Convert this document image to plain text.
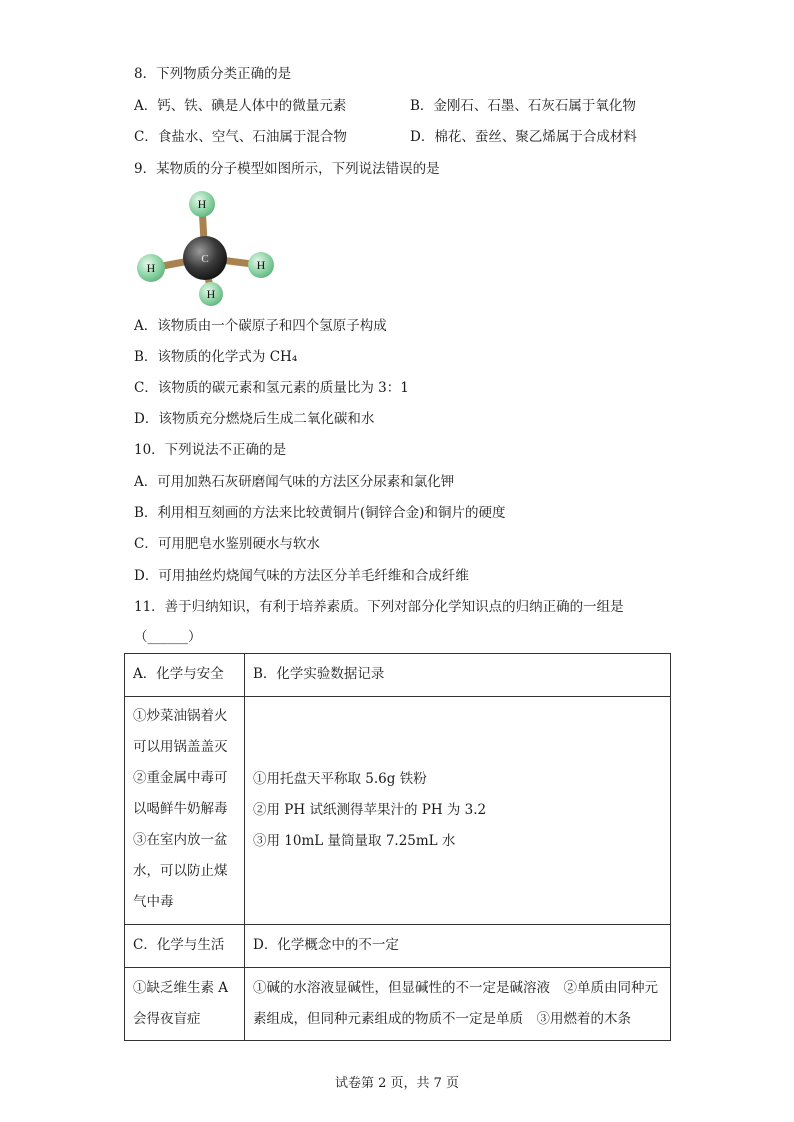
8．下列物质分类正确的是
A．钙、铁、碘是人体中的微量元素	B．金刚石、石墨、石灰石属于氧化物
C．食盐水、空气、石油属于混合物	D．棉花、蚕丝、聚乙烯属于合成材料
9．某物质的分子模型如图所示，下列说法错误的是
H
H	H
C
H
A．该物质由一个碳原子和四个氢原子构成
B．该物质的化学式为 CH₄
C．该物质的碳元素和氢元素的质量比为 3：1
D．该物质充分燃烧后生成二氧化碳和水
10．下列说法不正确的是
A．可用加熟石灰研磨闻气味的方法区分尿素和氯化钾
B．利用相互刻画的方法来比较黄铜片(铜锌合金)和铜片的硬度
C．可用肥皂水鉴别硬水与软水
D．可用抽丝灼烧闻气味的方法区分羊毛纤维和合成纤维
11．善于归纳知识，有利于培养素质。下列对部分化学知识点的归纳正确的一组是
（______）
A．化学与安全	B．化学实验数据记录
①炒菜油锅着火可以用锅盖盖灭②重金属中毒可以喝鲜牛奶解毒③在室内放一盆水，可以防止煤气中毒	①用托盘天平称取 5.6g 铁粉
②用 PH 试纸测得苹果汁的 PH 为 3.2
③用 10mL 量筒量取 7.25mL 水

C．化学与生活	D．化学概念中的不一定
①缺乏维生素 A 会得夜盲症	①碱的水溶液显碱性，但显碱性的不一定是碱溶液　②单质由同种元素组成，但同种元素组成的物质不一定是单质　③用燃着的木条
试卷第 2 页，共 7 页
